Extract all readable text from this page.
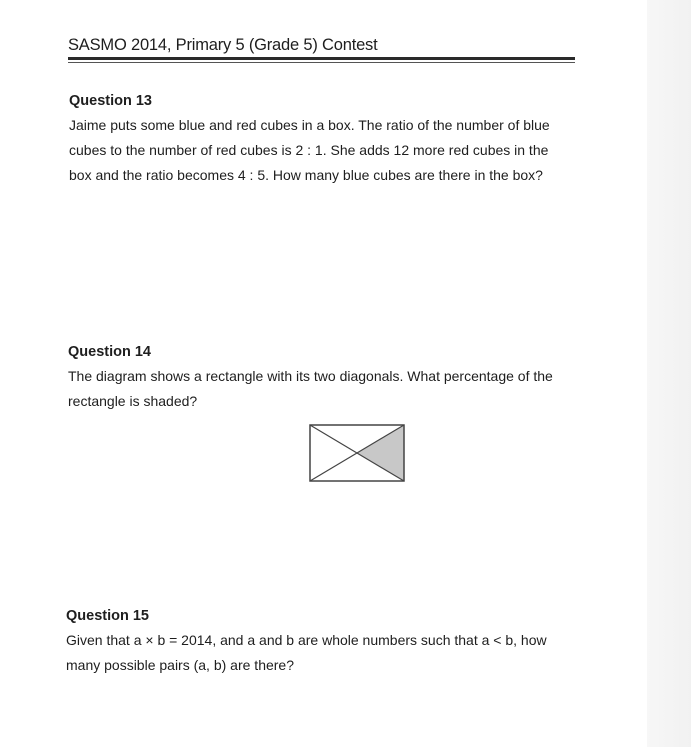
SASMO 2014, Primary 5 (Grade 5) Contest
Question 13

Jaime puts some blue and red cubes in a box. The ratio of the number of blue

cubes to the number of red cubes is 2 : 1. She adds 12 more red cubes in the

box and the ratio becomes 4 : 5. How many blue cubes are there in the box?

Question 14

The diagram shows a rectangle with its two diagonals. What percentage of the

rectangle is shaded?

Question 15

Given that a × b = 2014, and a and b are whole numbers such that a < b, how

many possible pairs (a, b) are there?
